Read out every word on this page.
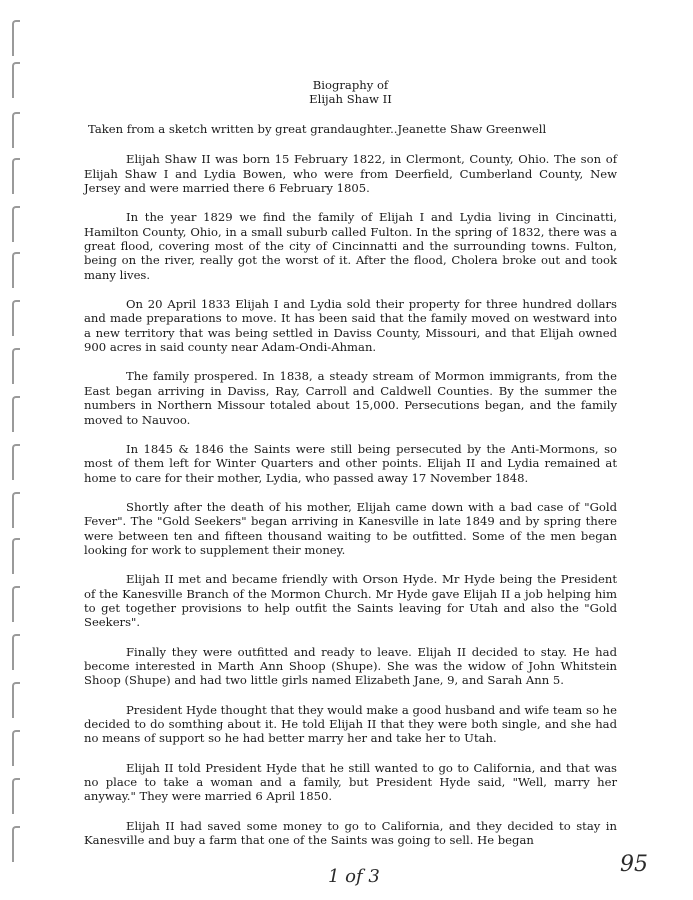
Biography of
Elijah Shaw II
Taken from a sketch written by great grandaughter..Jeanette Shaw Greenwell

Elijah Shaw II was born 15 February 1822, in Clermont, County, Ohio. The son of Elijah Shaw I and Lydia Bowen, who were from Deerfield, Cumberland County, New Jersey and were married there 6 February 1805.

In the year 1829 we find the family of Elijah I and Lydia living in Cincinatti, Hamilton County, Ohio, in a small suburb called Fulton. In the spring of 1832, there was a great flood, covering most of the city of Cincinnatti and the surrounding towns. Fulton, being on the river, really got the worst of it. After the flood, Cholera broke out and took many lives.

On 20 April 1833 Elijah I and Lydia sold their property for three hundred dollars and made preparations to move. It has been said that the family moved on westward into a new territory that was being settled in Daviss County, Missouri, and that Elijah owned 900 acres in said county near Adam-Ondi-Ahman.

The family prospered. In 1838, a steady stream of Mormon immigrants, from the East began arriving in Daviss, Ray, Carroll and Caldwell Counties. By the summer the numbers in Northern Missour totaled about 15,000. Persecutions began, and the family moved to Nauvoo.

In 1845 & 1846 the Saints were still being persecuted by the Anti-Mormons, so most of them left for Winter Quarters and other points. Elijah II and Lydia remained at home to care for their mother, Lydia, who passed away 17 November 1848.

Shortly after the death of his mother, Elijah came down with a bad case of "Gold Fever". The "Gold Seekers" began arriving in Kanesville in late 1849 and by spring there were between ten and fifteen thousand waiting to be outfitted. Some of the men began looking for work to supplement their money.

Elijah II met and became friendly with Orson Hyde. Mr Hyde being the President of the Kanesville Branch of the Mormon Church. Mr Hyde gave Elijah II a job helping him to get together provisions to help outfit the Saints leaving for Utah and also the "Gold Seekers".

Finally they were outfitted and ready to leave. Elijah II decided to stay. He had become interested in Marth Ann Shoop (Shupe). She was the widow of John Whitstein Shoop (Shupe) and had two little girls named Elizabeth Jane, 9, and Sarah Ann 5.

President Hyde thought that they would make a good husband and wife team so he decided to do somthing about it. He told Elijah II that they were both single, and she had no means of support so he had better marry her and take her to Utah.

Elijah II told President Hyde that he still wanted to go to California, and that was no place to take a woman and a family, but President Hyde said, "Well, marry her anyway." They were married 6 April 1850.

Elijah II had saved some money to go to California, and they decided to stay in Kanesville and buy a farm that one of the Saints was going to sell. He began

1 of 3	95
